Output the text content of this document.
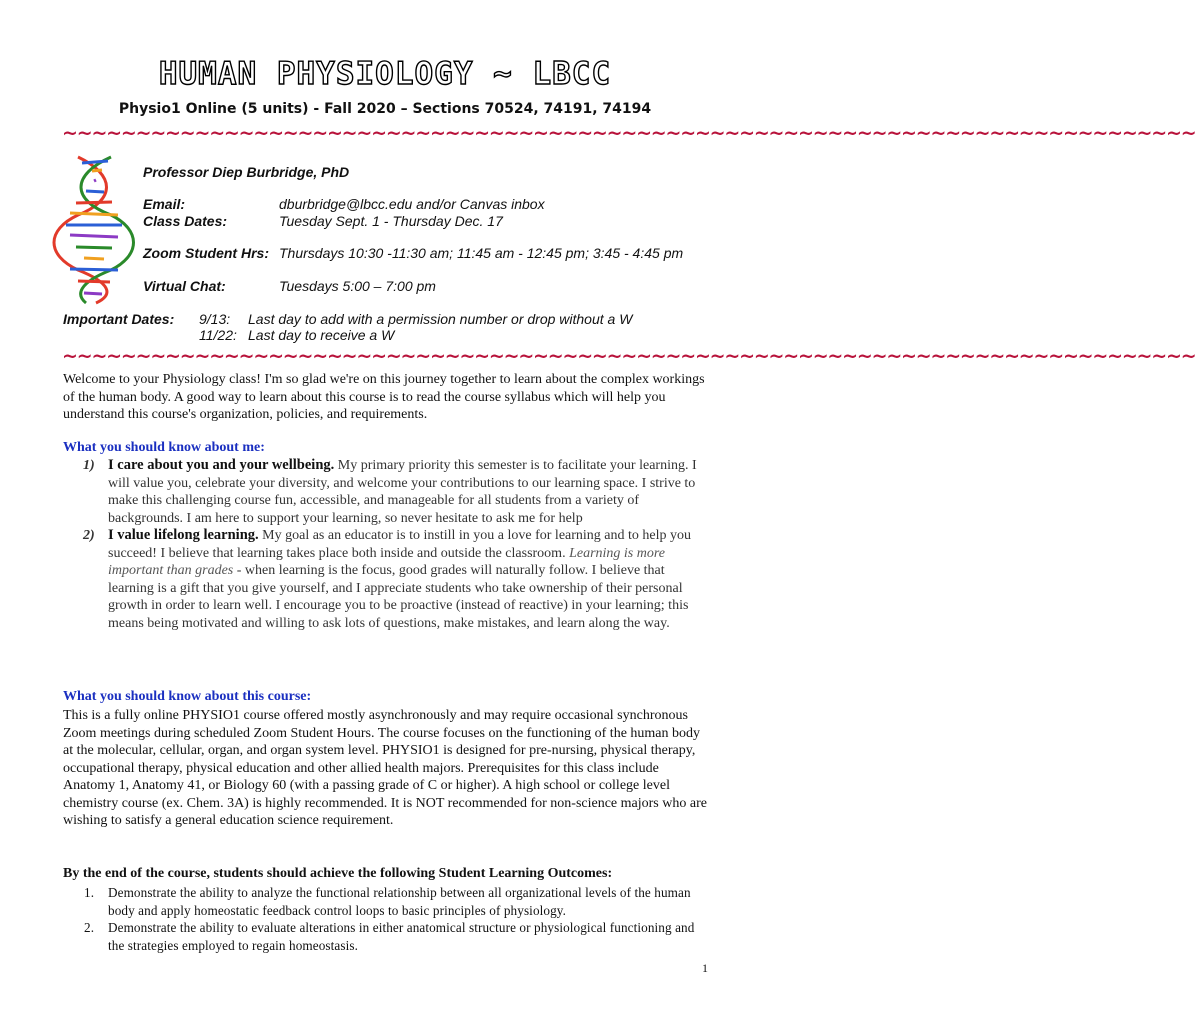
HUMAN PHYSIOLOGY ~ LBCC
Physio1 Online (5 units) - Fall 2020 – Sections 70524, 74191, 74194
~~~~~~~~~~~~~~~~~~~~~~~~~~~~~~~~~~~~~~~~~~~~~~~~~~~~~~~~~~~~~~~~~~~~~~~~~~~~~
Professor Diep Burbridge, PhD
Email:	dburbridge@lbcc.edu and/or Canvas inbox
Class Dates:	Tuesday Sept. 1 - Thursday Dec. 17
Zoom Student Hrs: Thursdays 10:30 -11:30 am; 11:45 am - 12:45 pm; 3:45 - 4:45 pm
Virtual Chat:	Tuesdays 5:00 – 7:00 pm
Important Dates: 9/13: Last day to add with a permission number or drop without a W
11/22: Last day to receive a W
~~~~~~~~~~~~~~~~~~~~~~~~~~~~~~~~~~~~~~~~~~~~~~~~~~~~~~~~~~~~~~~~~~~~~~~~~~~~~
Welcome to your Physiology class! I'm so glad we're on this journey together to learn about the complex workings of the human body. A good way to learn about this course is to read the course syllabus which will help you understand this course's organization, policies, and requirements.
What you should know about me:
1) I care about you and your wellbeing. My primary priority this semester is to facilitate your learning. I will value you, celebrate your diversity, and welcome your contributions to our learning space. I strive to make this challenging course fun, accessible, and manageable for all students from a variety of backgrounds. I am here to support your learning, so never hesitate to ask me for help
2) I value lifelong learning. My goal as an educator is to instill in you a love for learning and to help you succeed! I believe that learning takes place both inside and outside the classroom. Learning is more important than grades - when learning is the focus, good grades will naturally follow. I believe that learning is a gift that you give yourself, and I appreciate students who take ownership of their personal growth in order to learn well. I encourage you to be proactive (instead of reactive) in your learning; this means being motivated and willing to ask lots of questions, make mistakes, and learn along the way.
What you should know about this course:
This is a fully online PHYSIO1 course offered mostly asynchronously and may require occasional synchronous Zoom meetings during scheduled Zoom Student Hours. The course focuses on the functioning of the human body at the molecular, cellular, organ, and organ system level. PHYSIO1 is designed for pre-nursing, physical therapy, occupational therapy, physical education and other allied health majors. Prerequisites for this class include Anatomy 1, Anatomy 41, or Biology 60 (with a passing grade of C or higher). A high school or college level chemistry course (ex. Chem. 3A) is highly recommended. It is NOT recommended for non-science majors who are wishing to satisfy a general education science requirement.
By the end of the course, students should achieve the following Student Learning Outcomes:
1. Demonstrate the ability to analyze the functional relationship between all organizational levels of the human body and apply homeostatic feedback control loops to basic principles of physiology.
2. Demonstrate the ability to evaluate alterations in either anatomical structure or physiological functioning and the strategies employed to regain homeostasis.
1
